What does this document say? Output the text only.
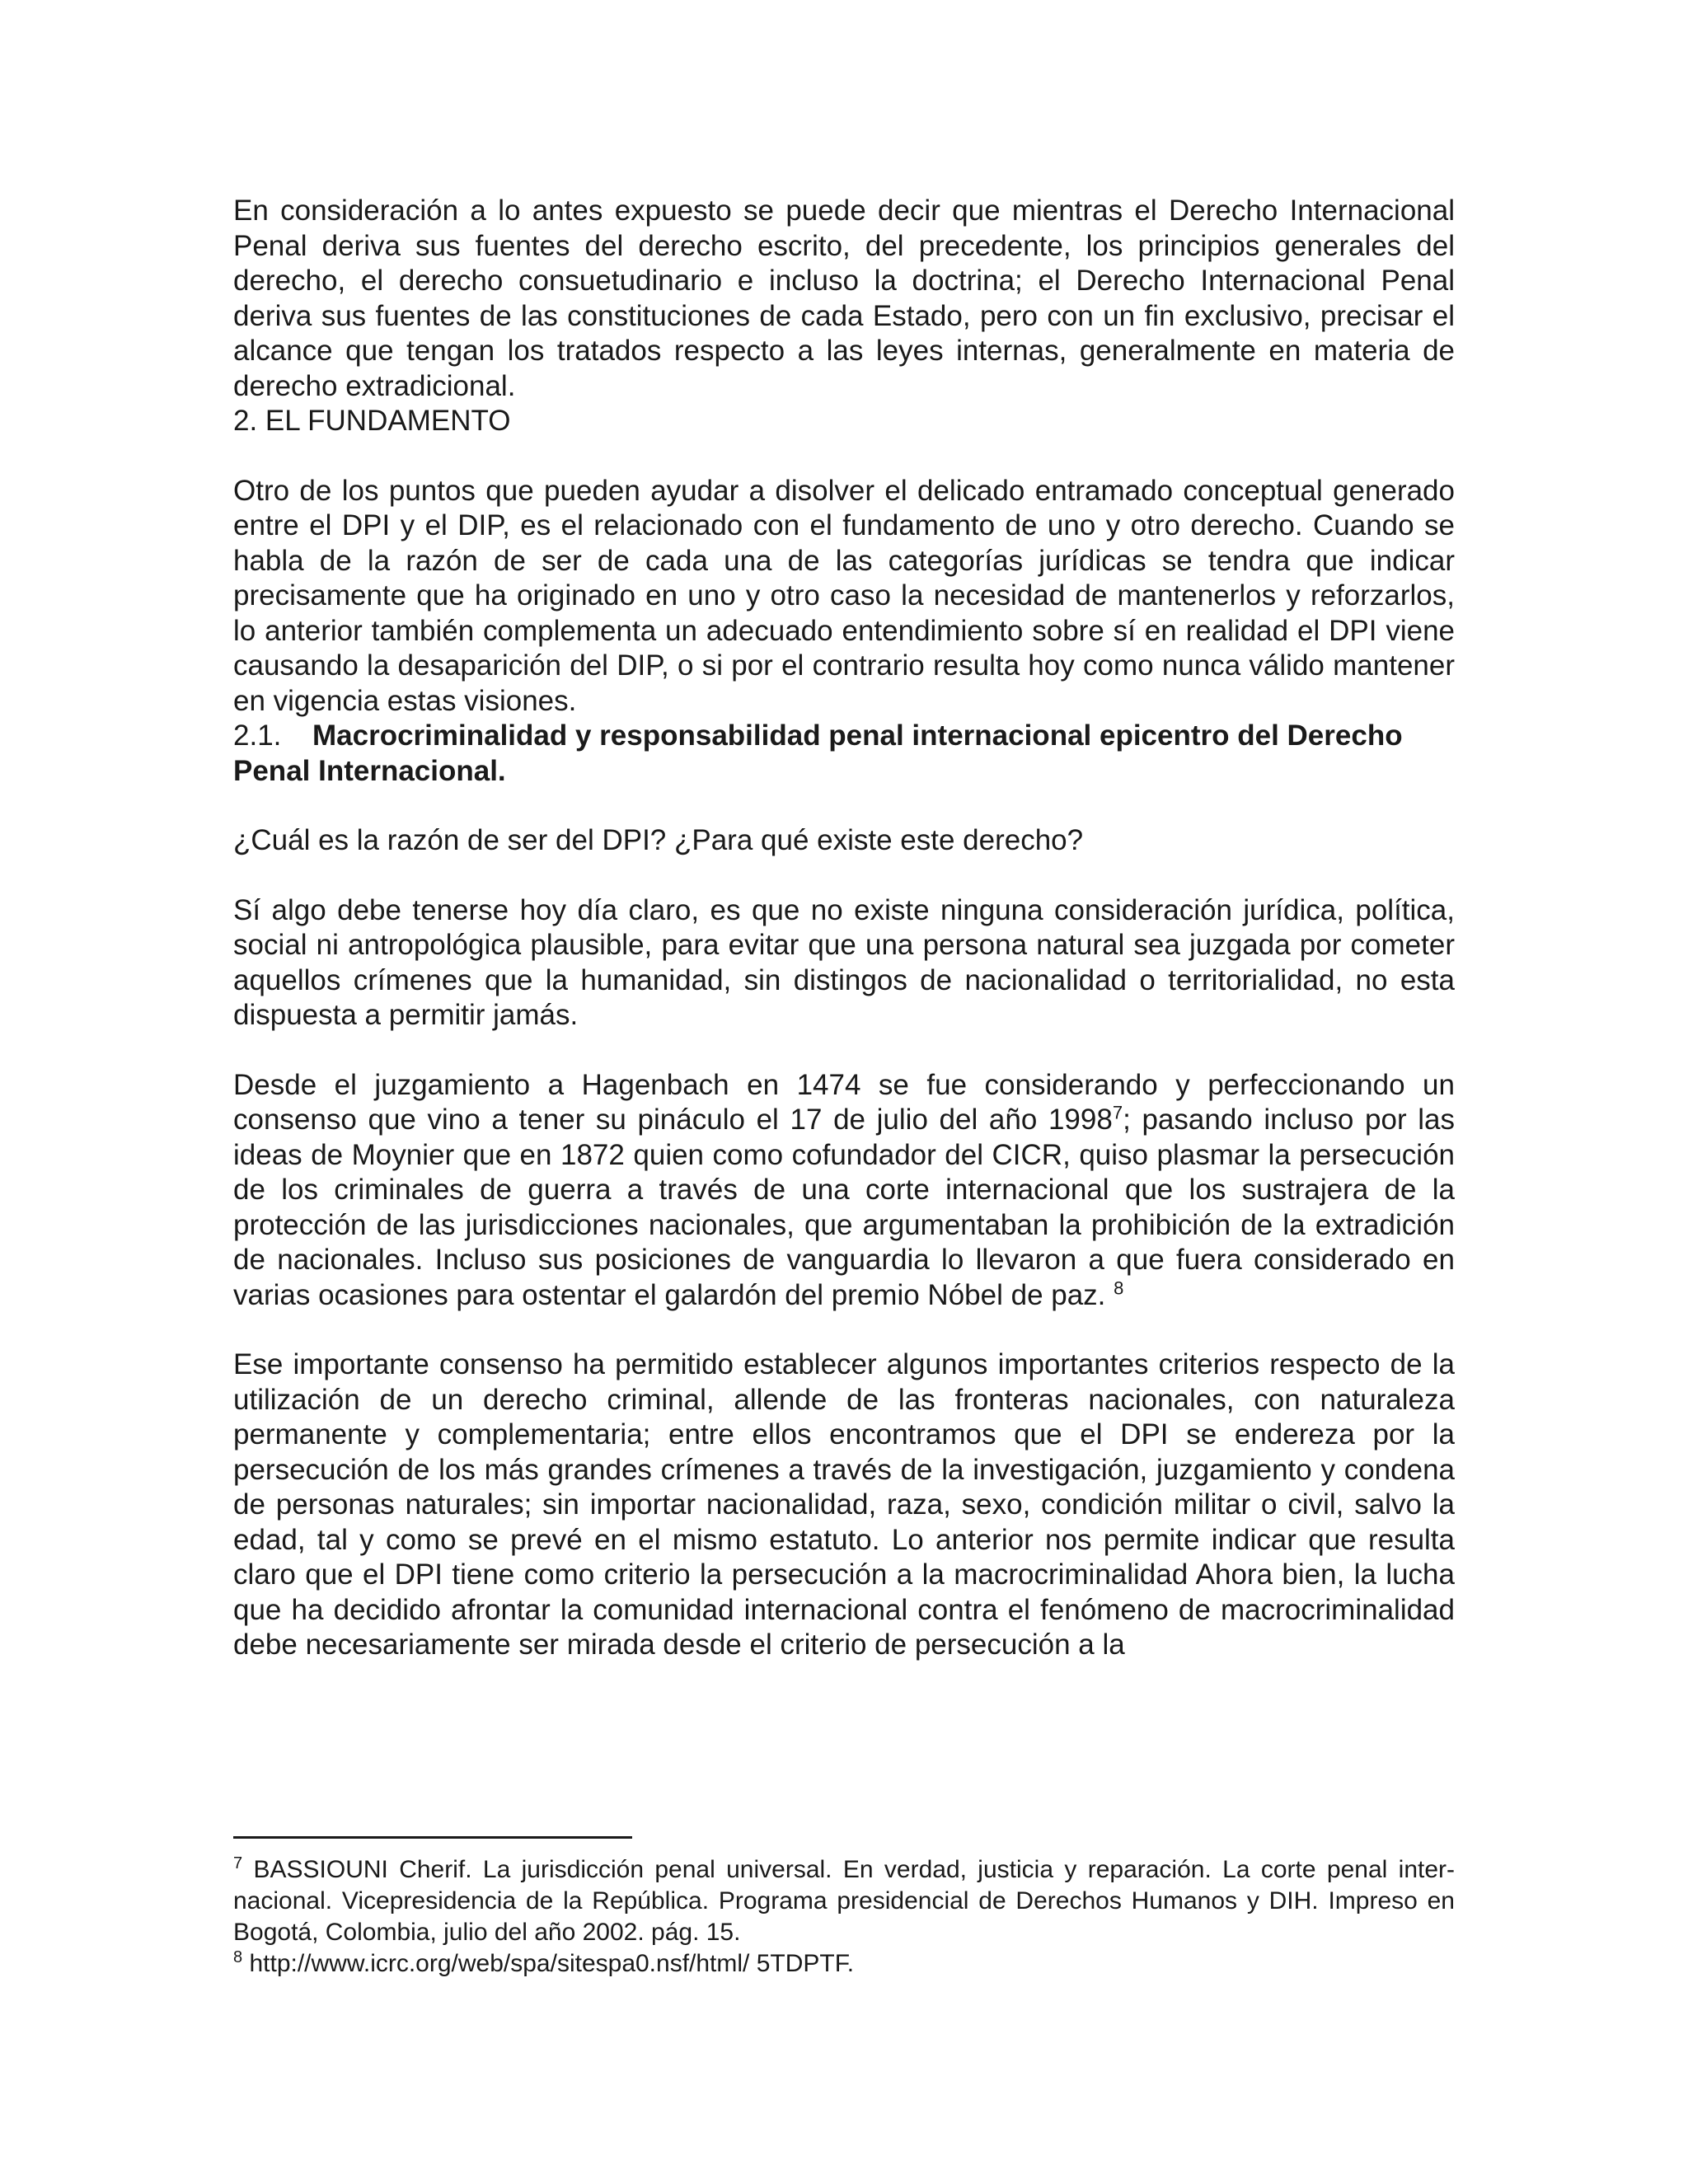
En consideración a lo antes expuesto se puede decir que mientras el Derecho Internacional Penal deriva sus fuentes del derecho escrito, del precedente, los principios generales del derecho, el derecho consuetudinario e incluso la doctrina; el Derecho Internacional Penal deriva sus fuentes de las constituciones de cada Estado, pero con un fin exclusivo, precisar el alcance que tengan los tratados respecto a las leyes internas, generalmente en materia de derecho extradicional.

2. EL FUNDAMENTO

Otro de los puntos que pueden ayudar a disolver el delicado entramado conceptual generado entre el DPI y el DIP, es el relacionado con el fundamento de uno y otro derecho. Cuando se habla de la razón de ser de cada una de las categorías jurídicas se tendra que indicar precisamente que ha originado en uno y otro caso la necesidad de mantenerlos y reforzarlos, lo anterior también complementa un adecuado entendimiento sobre sí en realidad el DPI viene causando la desaparición del DIP, o si por el contrario resulta hoy como nunca válido mantener en vigencia estas visiones.

2.1. Macrocriminalidad y responsabilidad penal internacional epicentro del Derecho Penal Internacional.

¿Cuál es la razón de ser del DPI? ¿Para qué existe este derecho?

Sí algo debe tenerse hoy día claro, es que no existe ninguna consideración jurídica, política, social ni antropológica plausible, para evitar que una persona natural sea juzgada por cometer aquellos crímenes que la humanidad, sin distingos de nacionalidad o territorialidad, no esta dispuesta a permitir jamás.

Desde el juzgamiento a Hagenbach en 1474 se fue considerando y perfeccionando un consenso que vino a tener su pináculo el 17 de julio del año 1998$^7$; pasando incluso por las ideas de Moynier que en 1872 quien como cofundador del CICR, quiso plasmar la persecución de los criminales de guerra a través de una corte internacional que los sustrajera de la protección de las jurisdicciones nacionales, que argumentaban la prohibición de la extradición de nacionales. Incluso sus posiciones de vanguardia lo llevaron a que fuera considerado en varias ocasiones para ostentar el galardón del premio Nóbel de paz. $^8$

Ese importante consenso ha permitido establecer algunos importantes criterios respecto de la utilización de un derecho criminal, allende de las fronteras nacionales, con naturaleza permanente y complementaria; entre ellos encontramos que el DPI se endereza por la persecución de los más grandes crímenes a través de la investigación, juzgamiento y condena de personas naturales; sin importar nacionalidad, raza, sexo, condición militar o civil, salvo la edad, tal y como se prevé en el mismo estatuto. Lo anterior nos permite indicar que resulta claro que el DPI tiene como criterio la persecución a la macrocriminalidad Ahora bien, la lucha que ha decidido afrontar la comunidad internacional contra el fenómeno de macrocriminalidad debe necesariamente ser mirada desde el criterio de persecución a la

$^7$ BASSIOUNI Cherif. La jurisdicción penal universal. En verdad, justicia y reparación. La corte penal inter- nacional. Vicepresidencia de la República. Programa presidencial de Derechos Humanos y DIH. Impreso en Bogotá, Colombia, julio del año 2002. pág. 15.

$^8$ http://www.icrc.org/web/spa/sitespa0.nsf/html/ 5TDPTF.
